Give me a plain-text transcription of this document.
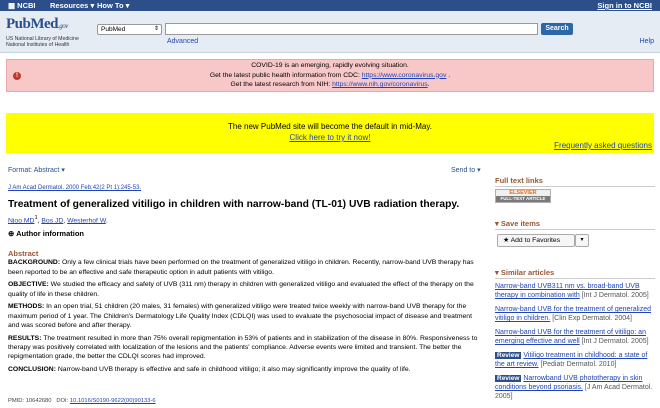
▦ NCBI Resources ▾ How To ▾	Sign in to NCBI
PubMed.gov
US National Library of Medicine
National Institutes of Health
PubMed	⇕	Search
Advanced	Help
!
COVID-19 is an emerging, rapidly evolving situation.
Get the latest public health information from CDC: https://www.coronavirus.gov .
Get the latest research from NIH: https://www.nih.gov/coronavirus.
The new PubMed site will become the default in mid-May.
Click here to try it now!
Frequently asked questions
Format: Abstract ▾	Send to ▾
J Am Acad Dermatol. 2000 Feb;42(2 Pt 1):245-53.
Treatment of generalized vitiligo in children with narrow-band (TL-01) UVB radiation therapy.
Njoo $MD^1$, Bos JD, Westerhof W.
⊕ Author information
Abstract

BACKGROUND: Only a few clinical trials have been performed on the treatment of generalized vitiligo in children. Recently, narrow-band UVB therapy has been reported to be an effective and safe therapeutic option in adult patients with vitiligo.

OBJECTIVE: We studied the efficacy and safety of UVB (311 nm) therapy in children with generalized vitiligo and evaluated the effect of the therapy on the quality of life in these children.

METHODS: In an open trial, 51 children (20 males, 31 females) with generalized vitiligo were treated twice weekly with narrow-band UVB therapy for the maximum period of 1 year. The Children's Dermatology Life Quality Index (CDLQI) was used to evaluate the psychosocial impact of disease and treatment and was scored before and after therapy.

RESULTS: The treatment resulted in more than 75% overall repigmentation in 53% of patients and in stabilization of the disease in 80%. Responsiveness to therapy was positively correlated with localization of the lesions and the patients' compliance. Adverse events were limited and transient. The better the repigmentation grade, the better the CDLQI scores had improved.

CONCLUSION: Narrow-band UVB therapy is effective and safe in childhood vitiligo; it also may significantly improve the quality of life.

PMID: 10642680 DOI: 10.1016/S0190-9622(00)90133-6
Full text links
ELSEVIER
FULL-TEXT ARTICLE
▾ Save items
★ Add to Favorites	▾
▾ Similar articles
Narrow-band UVB311 nm vs. broad-band UVB therapy in combination with [Int J Dermatol. 2005]
Narrow-band UVB for the treatment of generalized vitiligo in children. [Clin Exp Dermatol. 2004]
Narrow-band UVB for the treatment of vitiligo: an emerging effective and well [Int J Dermatol. 2005]
Review Vitiligo treatment in childhood: a state of the art review. [Pediatr Dermatol. 2010]
Review Narrowband UVB phototherapy in skin conditions beyond psoriasis. [J Am Acad Dermatol. 2005]
